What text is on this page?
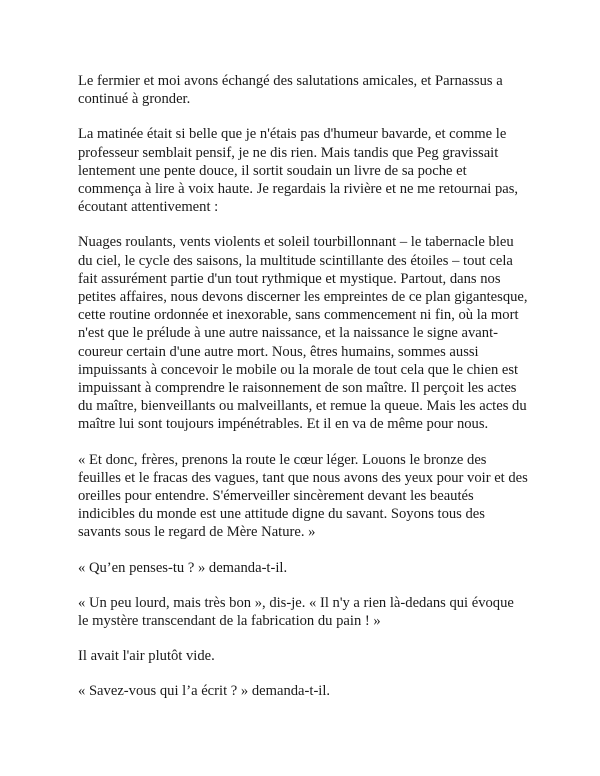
Le fermier et moi avons échangé des salutations amicales, et Parnassus a continué à gronder.

La matinée était si belle que je n'étais pas d'humeur bavarde, et comme le professeur semblait pensif, je ne dis rien. Mais tandis que Peg gravissait lentement une pente douce, il sortit soudain un livre de sa poche et commença à lire à voix haute. Je regardais la rivière et ne me retournai pas, écoutant attentivement :

Nuages roulants, vents violents et soleil tourbillonnant – le tabernacle bleu du ciel, le cycle des saisons, la multitude scintillante des étoiles – tout cela fait assurément partie d'un tout rythmique et mystique. Partout, dans nos petites affaires, nous devons discerner les empreintes de ce plan gigantesque, cette routine ordonnée et inexorable, sans commencement ni fin, où la mort n'est que le prélude à une autre naissance, et la naissance le signe avant-coureur certain d'une autre mort. Nous, êtres humains, sommes aussi impuissants à concevoir le mobile ou la morale de tout cela que le chien est impuissant à comprendre le raisonnement de son maître. Il perçoit les actes du maître, bienveillants ou malveillants, et remue la queue. Mais les actes du maître lui sont toujours impénétrables. Et il en va de même pour nous.

« Et donc, frères, prenons la route le cœur léger. Louons le bronze des feuilles et le fracas des vagues, tant que nous avons des yeux pour voir et des oreilles pour entendre. S'émerveiller sincèrement devant les beautés indicibles du monde est une attitude digne du savant. Soyons tous des savants sous le regard de Mère Nature. »

« Qu’en penses-tu ? » demanda-t-il.

« Un peu lourd, mais très bon », dis-je. « Il n'y a rien là-dedans qui évoque le mystère transcendant de la fabrication du pain ! »

Il avait l'air plutôt vide.

« Savez-vous qui l’a écrit ? » demanda-t-il.
